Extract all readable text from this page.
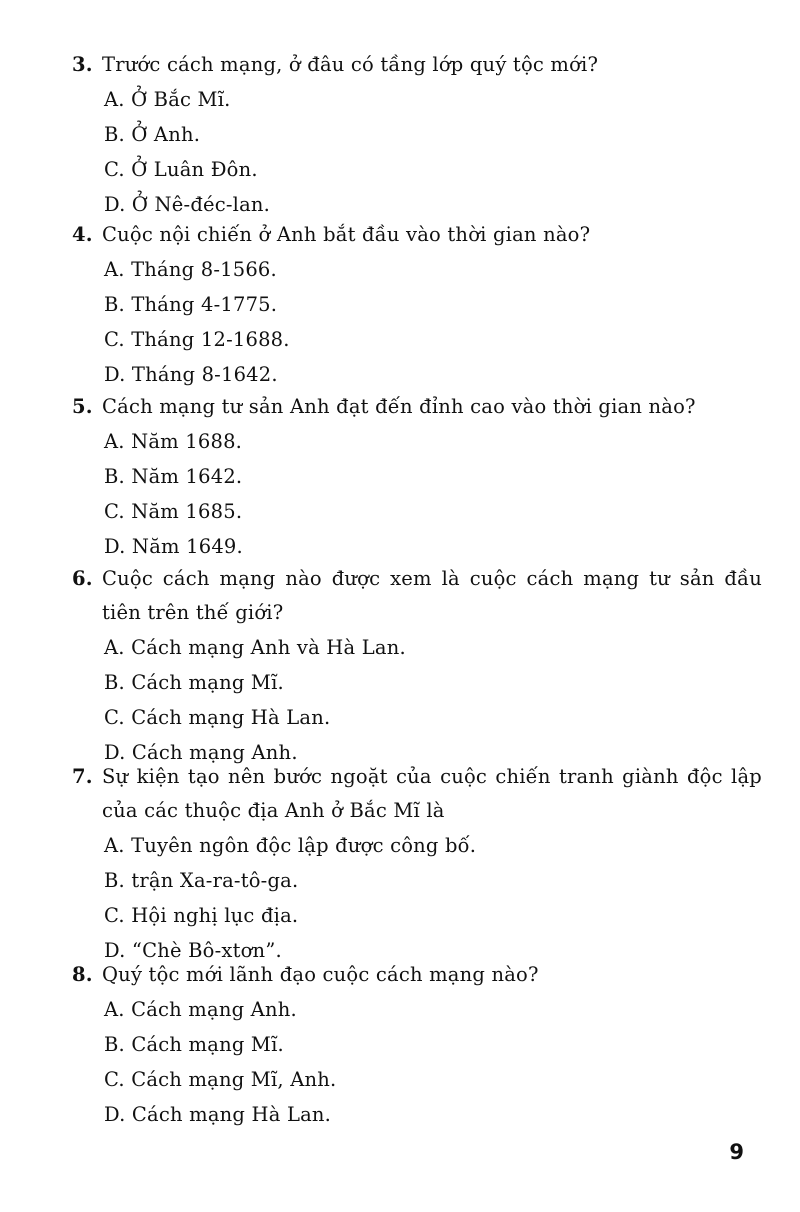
3. Trước cách mạng, ở đâu có tầng lớp quý tộc mới?
A. Ở Bắc Mĩ.
B. Ở Anh.
C. Ở Luân Đôn.
D. Ở Nê-đéc-lan.
4. Cuộc nội chiến ở Anh bắt đầu vào thời gian nào?
A. Tháng 8-1566.
B. Tháng 4-1775.
C. Tháng 12-1688.
D. Tháng 8-1642.
5. Cách mạng tư sản Anh đạt đến đỉnh cao vào thời gian nào?
A. Năm 1688.
B. Năm 1642.
C. Năm 1685.
D. Năm 1649.
6. Cuộc cách mạng nào được xem là cuộc cách mạng tư sản đầu tiên trên thế giới?
A. Cách mạng Anh và Hà Lan.
B. Cách mạng Mĩ.
C. Cách mạng Hà Lan.
D. Cách mạng Anh.
7. Sự kiện tạo nên bước ngoặt của cuộc chiến tranh giành độc lập của các thuộc địa Anh ở Bắc Mĩ là
A. Tuyên ngôn độc lập được công bố.
B. trận Xa-ra-tô-ga.
C. Hội nghị lục địa.
D. “Chè Bô-xtơn”.
8. Quý tộc mới lãnh đạo cuộc cách mạng nào?
A. Cách mạng Anh.
B. Cách mạng Mĩ.
C. Cách mạng Mĩ, Anh.
D. Cách mạng Hà Lan.
9
